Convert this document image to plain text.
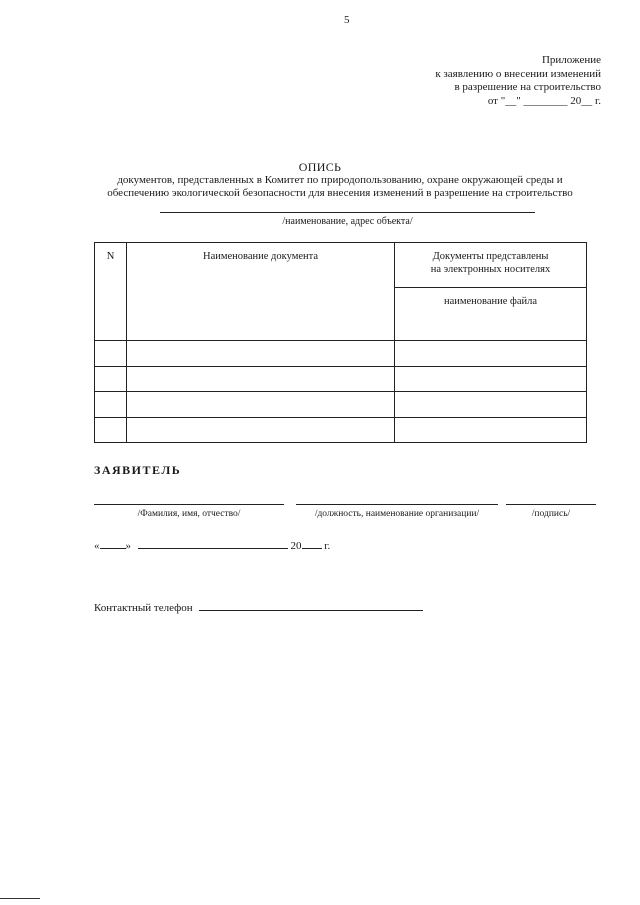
5
Приложение
к заявлению о внесении изменений
в разрешение на строительство
от "__" ________ 20__ г.
ОПИСЬ
документов, представленных в Комитет по природопользованию, охране окружающей среды и
обеспечению экологической безопасности для внесения изменений в разрешение на строительство
/наименование, адрес объекта/
N	Наименование документа	Документы представлены
на электронных носителях

		наименование файла

ЗАЯВИТЕЛЬ
/Фамилия, имя, отчество/	/должность, наименование организации/	/подпись/
« »	20 г.
Контактный телефон
